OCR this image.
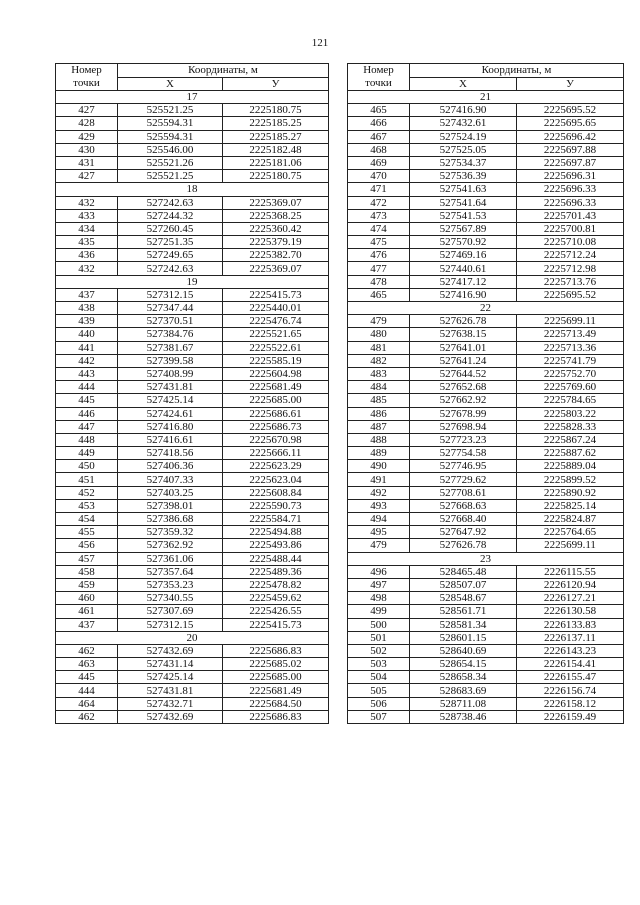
121
Номер
точки	Координаты, м	
	X	У
17		
427	525521.25	2225180.75
428	525594.31	2225185.25
429	525594.31	2225185.27
430	525546.00	2225182.48
431	525521.26	2225181.06
427	525521.25	2225180.75
18		
432	527242.63	2225369.07
433	527244.32	2225368.25
434	527260.45	2225360.42
435	527251.35	2225379.19
436	527249.65	2225382.70
432	527242.63	2225369.07
19		
437	527312.15	2225415.73
438	527347.44	2225440.01
439	527370.51	2225476.74
440	527384.76	2225521.65
441	527381.67	2225522.61
442	527399.58	2225585.19
443	527408.99	2225604.98
444	527431.81	2225681.49
445	527425.14	2225685.00
446	527424.61	2225686.61
447	527416.80	2225686.73
448	527416.61	2225670.98
449	527418.56	2225666.11
450	527406.36	2225623.29
451	527407.33	2225623.04
452	527403.25	2225608.84
453	527398.01	2225590.73
454	527386.68	2225584.71
455	527359.32	2225494.88
456	527362.92	2225493.86
457	527361.06	2225488.44
458	527357.64	2225489.36
459	527353.23	2225478.82
460	527340.55	2225459.62
461	527307.69	2225426.55
437	527312.15	2225415.73
20		
462	527432.69	2225686.83
463	527431.14	2225685.02
445	527425.14	2225685.00
444	527431.81	2225681.49
464	527432.71	2225684.50
462	527432.69	2225686.83
Номер
точки	Координаты, м	
	X	У
21		
465	527416.90	2225695.52
466	527432.61	2225695.65
467	527524.19	2225696.42
468	527525.05	2225697.88
469	527534.37	2225697.87
470	527536.39	2225696.31
471	527541.63	2225696.33
472	527541.64	2225696.33
473	527541.53	2225701.43
474	527567.89	2225700.81
475	527570.92	2225710.08
476	527469.16	2225712.24
477	527440.61	2225712.98
478	527417.12	2225713.76
465	527416.90	2225695.52
22		
479	527626.78	2225699.11
480	527638.15	2225713.49
481	527641.01	2225713.36
482	527641.24	2225741.79
483	527644.52	2225752.70
484	527652.68	2225769.60
485	527662.92	2225784.65
486	527678.99	2225803.22
487	527698.94	2225828.33
488	527723.23	2225867.24
489	527754.58	2225887.62
490	527746.95	2225889.04
491	527729.62	2225899.52
492	527708.61	2225890.92
493	527668.63	2225825.14
494	527668.40	2225824.87
495	527647.92	2225764.65
479	527626.78	2225699.11
23		
496	528465.48	2226115.55
497	528507.07	2226120.94
498	528548.67	2226127.21
499	528561.71	2226130.58
500	528581.34	2226133.83
501	528601.15	2226137.11
502	528640.69	2226143.23
503	528654.15	2226154.41
504	528658.34	2226155.47
505	528683.69	2226156.74
506	528711.08	2226158.12
507	528738.46	2226159.49
